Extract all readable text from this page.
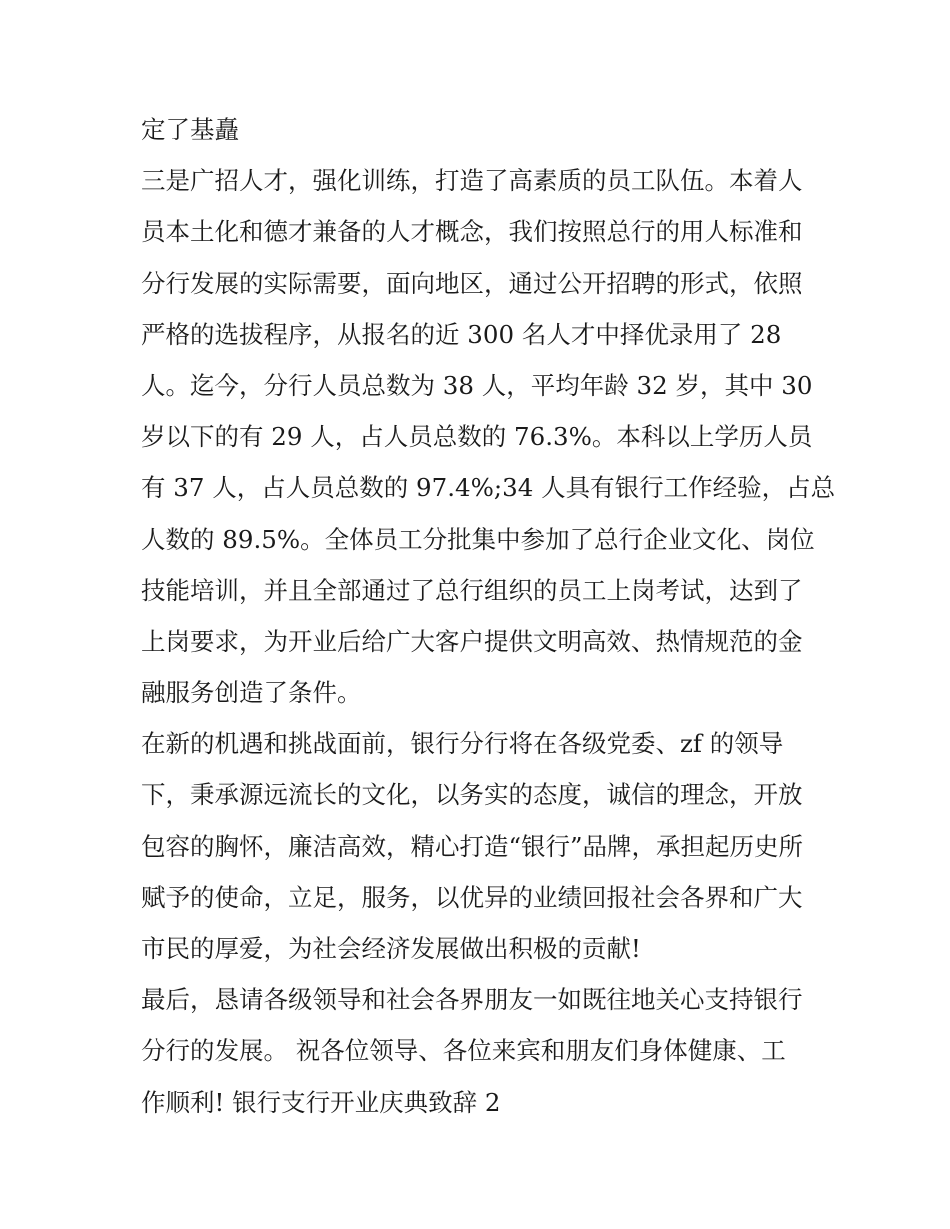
定了基矗
三是广招人才，强化训练，打造了高素质的员工队伍。本着人
员本土化和德才兼备的人才概念，我们按照总行的用人标准和
分行发展的实际需要，面向地区，通过公开招聘的形式，依照
严格的选拔程序，从报名的近 300 名人才中择优录用了 28
人。迄今，分行人员总数为 38 人，平均年龄 32 岁，其中 30
岁以下的有 29 人，占人员总数的 76.3%。本科以上学历人员
有 37 人，占人员总数的 97.4%;34 人具有银行工作经验，占总
人数的 89.5%。全体员工分批集中参加了总行企业文化、岗位
技能培训，并且全部通过了总行组织的员工上岗考试，达到了
上岗要求，为开业后给广大客户提供文明高效、热情规范的金
融服务创造了条件。
在新的机遇和挑战面前，银行分行将在各级党委、zf 的领导
下，秉承源远流长的文化，以务实的态度，诚信的理念，开放
包容的胸怀，廉洁高效，精心打造“银行”品牌，承担起历史所
赋予的使命，立足，服务，以优异的业绩回报社会各界和广大
市民的厚爱，为社会经济发展做出积极的贡献!
最后，恳请各级领导和社会各界朋友一如既往地关心支持银行
分行的发展。 祝各位领导、各位来宾和朋友们身体健康、工
作顺利! 银行支行开业庆典致辞 2
